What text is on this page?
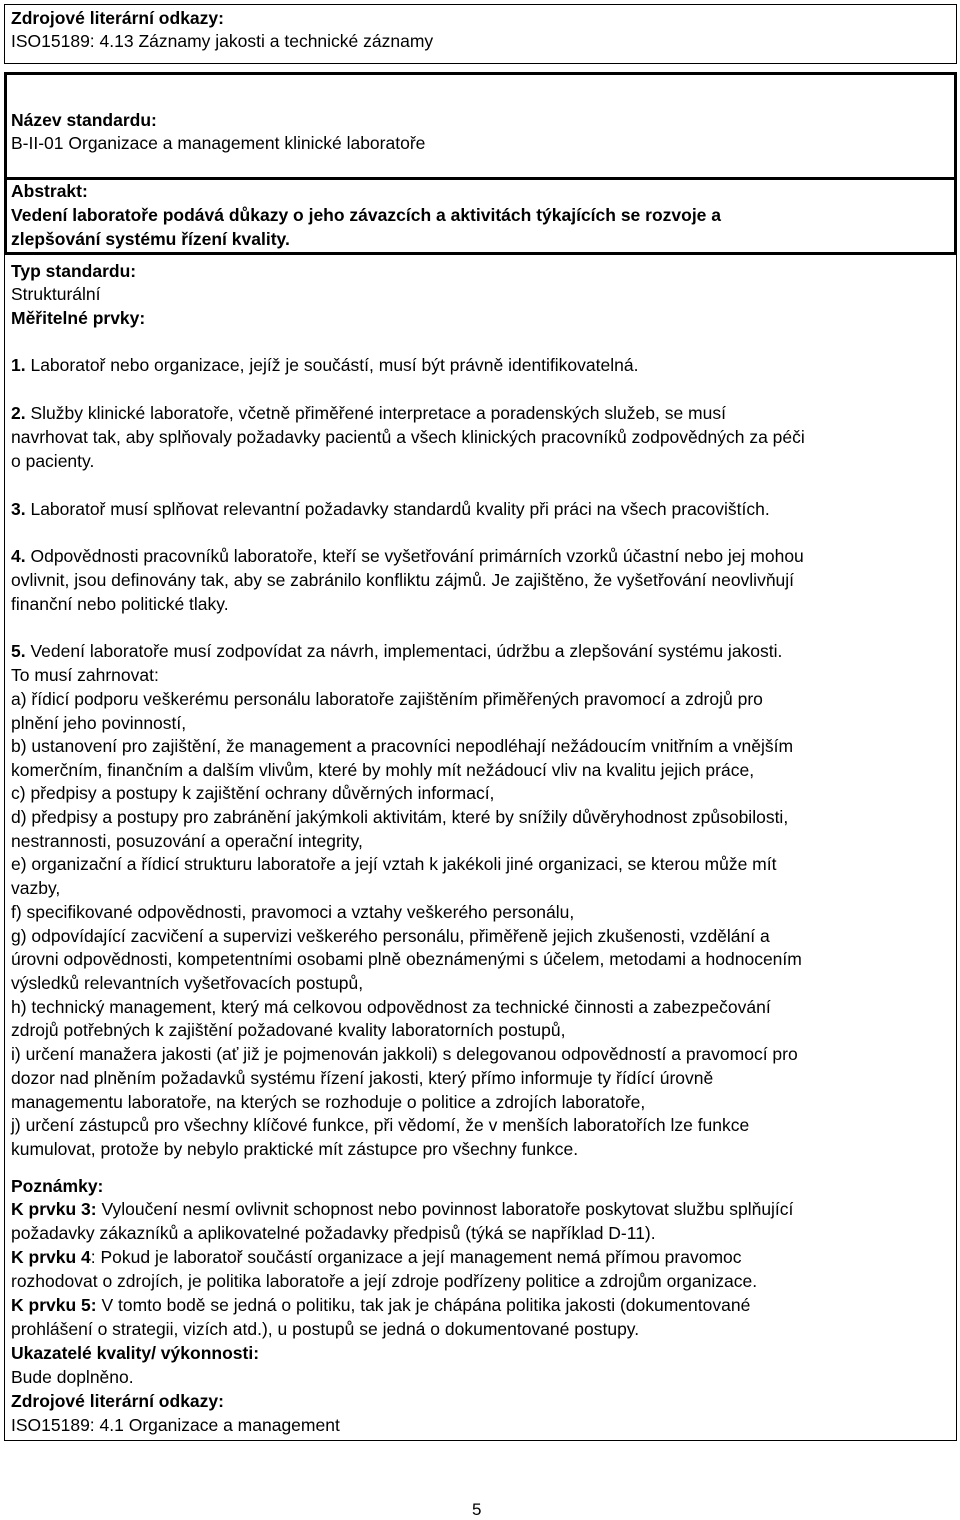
Zdrojové literární odkazy:
ISO15189: 4.13 Záznamy jakosti a technické záznamy
Název standardu:
B-II-01 Organizace a management klinické laboratoře
Abstrakt:
Vedení laboratoře podává důkazy o jeho závazcích a aktivitách týkajících se rozvoje a
zlepšování systému řízení kvality.
Typ standardu:
Strukturální
Měřitelné prvky:
1. Laboratoř nebo organizace, jejíž je součástí, musí být právně identifikovatelná.
2. Služby klinické laboratoře, včetně přiměřené interpretace a poradenských služeb, se musí
navrhovat tak, aby splňovaly požadavky pacientů a všech klinických pracovníků zodpovědných za péči
o pacienty.
3. Laboratoř musí splňovat relevantní požadavky standardů kvality při práci na všech pracovištích.
4. Odpovědnosti pracovníků laboratoře, kteří se vyšetřování primárních vzorků účastní nebo jej mohou
ovlivnit, jsou definovány tak, aby se zabránilo konfliktu zájmů. Je zajištěno, že vyšetřování neovlivňují
finanční nebo politické tlaky.
5. Vedení laboratoře musí zodpovídat za návrh, implementaci, údržbu a zlepšování systému jakosti.
To musí zahrnovat:
a) řídicí podporu veškerému personálu laboratoře zajištěním přiměřených pravomocí a zdrojů pro
plnění jeho povinností,
b) ustanovení pro zajištění, že management a pracovníci nepodléhají nežádoucím vnitřním a vnějším
komerčním, finančním a dalším vlivům, které by mohly mít nežádoucí vliv na kvalitu jejich práce,
c) předpisy a postupy k zajištění ochrany důvěrných informací,
d) předpisy a postupy pro zabránění jakýmkoli aktivitám, které by snížily důvěryhodnost způsobilosti,
nestrannosti, posuzování a operační integrity,
e) organizační a řídicí strukturu laboratoře a její vztah k jakékoli jiné organizaci, se kterou může mít
vazby,
f) specifikované odpovědnosti, pravomoci a vztahy veškerého personálu,
g) odpovídající zacvičení a supervizi veškerého personálu, přiměřeně jejich zkušenosti, vzdělání a
úrovni odpovědnosti, kompetentními osobami plně obeznámenými s účelem, metodami a hodnocením
výsledků relevantních vyšetřovacích postupů,
h) technický management, který má celkovou odpovědnost za technické činnosti a zabezpečování
zdrojů potřebných k zajištění požadované kvality laboratorních postupů,
i) určení manažera jakosti (ať již je pojmenován jakkoli) s delegovanou odpovědností a pravomocí pro
dozor nad plněním požadavků systému řízení jakosti, který přímo informuje ty řídící úrovně
managementu laboratoře, na kterých se rozhoduje o politice a zdrojích laboratoře,
j) určení zástupců pro všechny klíčové funkce, při vědomí, že v menších laboratořích lze funkce
kumulovat, protože by nebylo praktické mít zástupce pro všechny funkce.
Poznámky:
K prvku 3: Vyloučení nesmí ovlivnit schopnost nebo povinnost laboratoře poskytovat službu splňující
požadavky zákazníků a aplikovatelné požadavky předpisů (týká se například D-11).
K prvku 4: Pokud je laboratoř součástí organizace a její management nemá přímou pravomoc
rozhodovat o zdrojích, je politika laboratoře a její zdroje podřízeny politice a zdrojům organizace.
K prvku 5: V tomto bodě se jedná o politiku, tak jak je chápána politika jakosti (dokumentované
prohlášení o strategii, vizích atd.), u postupů se jedná o dokumentované postupy.
Ukazatelé kvality/ výkonnosti:
Bude doplněno.
Zdrojové literární odkazy:
ISO15189: 4.1 Organizace a management
5
